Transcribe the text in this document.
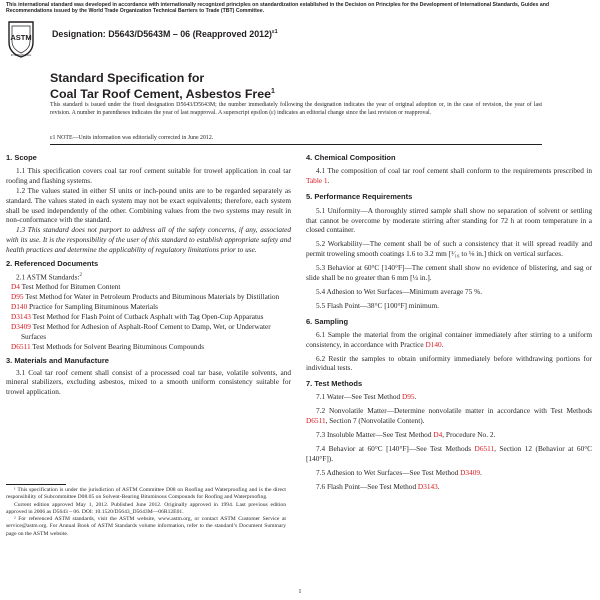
This international standard was developed in accordance with internationally recognized principles on standardization established in the Decision on Principles for the Development of International Standards, Guides and Recommendations issued by the World Trade Organization Technical Barriers to Trade (TBT) Committee.
ASTM
INTERNATIONAL
Designation: D5643/D5643M – 06 (Reapproved 2012)$^{\varepsilon 1}$
Standard Specification for
Coal Tar Roof Cement, Asbestos Free$^1$
This standard is issued under the fixed designation D5643/D5643M; the number immediately following the designation indicates the year of original adoption or, in the case of revision, the year of last revision. A number in parentheses indicates the year of last reapproval. A superscript epsilon (ε) indicates an editorial change since the last revision or reapproval.
ε1 NOTE—Units information was editorially corrected in June 2012.
1. Scope

1.1 This specification covers coal tar roof cement suitable for trowel application in coal tar roofing and flashing systems.

1.2 The values stated in either SI units or inch-pound units are to be regarded separately as standard. The values stated in each system may not be exact equivalents; therefore, each system shall be used independently of the other. Combining values from the two systems may result in non-conformance with the standard.

1.3 This standard does not purport to address all of the safety concerns, if any, associated with its use. It is the responsibility of the user of this standard to establish appropriate safety and health practices and determine the applicability of regulatory limitations prior to use.

2. Referenced Documents

2.1 ASTM Standards:$^2$

D4 Test Method for Bitumen Content

D95 Test Method for Water in Petroleum Products and Bituminous Materials by Distillation

D140 Practice for Sampling Bituminous Materials

D3143 Test Method for Flash Point of Cutback Asphalt with Tag Open-Cup Apparatus

D3409 Test Method for Adhesion of Asphalt-Roof Cement to Damp, Wet, or Underwater Surfaces

D6511 Test Methods for Solvent Bearing Bituminous Compounds

3. Materials and Manufacture

3.1 Coal tar roof cement shall consist of a processed coal tar base, volatile solvents, and mineral stabilizers, excluding asbestos, mixed to a smooth uniform consistency suitable for trowel application.

¹ This specification is under the jurisdiction of ASTM Committee D08 on Roofing and Waterproofing and is the direct responsibility of Subcommittee D08.05 on Solvent-Bearing Bituminous Compounds for Roofing and Waterproofing.

Current edition approved May 1, 2012. Published June 2012. Originally approved in 1994. Last previous edition approved in 2006 as D5643 – 06. DOI: 10.1520/D5643_D5643M—06R12E01.

² For referenced ASTM standards, visit the ASTM website, www.astm.org, or contact ASTM Customer Service at service@astm.org. For Annual Book of ASTM Standards volume information, refer to the standard’s Document Summary page on the ASTM website.

4. Chemical Composition

4.1 The composition of coal tar roof cement shall conform to the requirements prescribed in Table 1.

5. Performance Requirements

5.1 Uniformity—A thoroughly stirred sample shall show no separation of solvent or settling that cannot be overcome by moderate stirring after standing for 72 h at room temperature in a closed container.

5.2 Workability—The cement shall be of such a consistency that it will spread readily and permit troweling smooth coatings 1.6 to 3.2 mm [¹⁄₁₆ to ⅛ in.] thick on vertical surfaces.

5.3 Behavior at 60°C [140°F]—The cement shall show no evidence of blistering, and sag or slide shall be no greater than 6 mm [¼ in.].

5.4 Adhesion to Wet Surfaces—Minimum average 75 %.

5.5 Flash Point—38°C [100°F] minimum.

6. Sampling

6.1 Sample the material from the original container immediately after stirring to a uniform consistency, in accordance with Practice D140.

6.2 Restir the samples to obtain uniformity immediately before withdrawing portions for individual tests.

7. Test Methods

7.1 Water—See Test Method D95.

7.2 Nonvolatile Matter—Determine nonvolatile matter in accordance with Test Methods D6511, Section 7 (Nonvolatile Content).

7.3 Insoluble Matter—See Test Method D4, Procedure No. 2.

7.4 Behavior at 60°C [140°F]—See Test Methods D6511, Section 12 (Behavior at 60°C [140°F]).

7.5 Adhesion to Wet Surfaces—See Test Method D3409.

7.6 Flash Point—See Test Method D3143.

1
